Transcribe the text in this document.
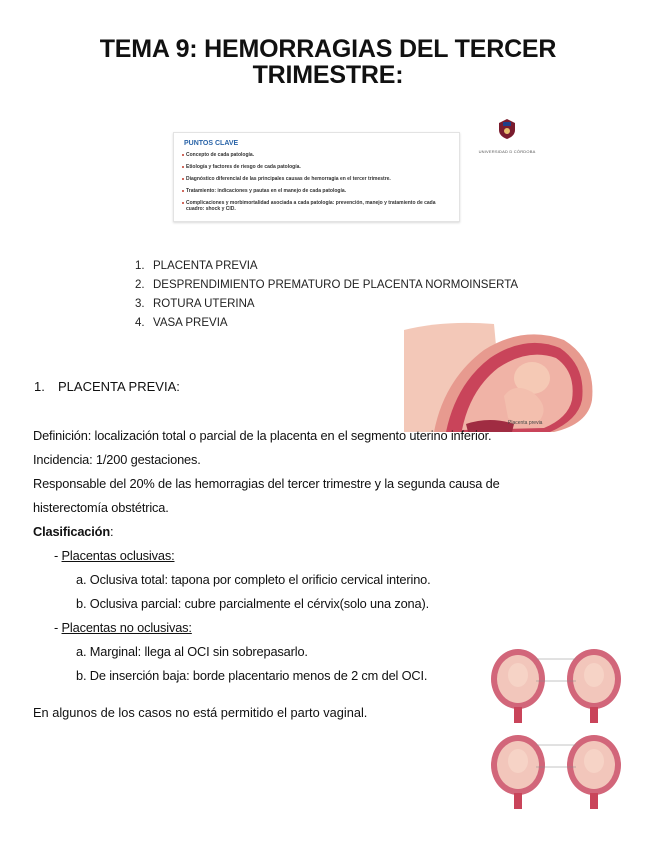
TEMA 9: HEMORRAGIAS DEL TERCER
TRIMESTRE:
PUNTOS CLAVE
Concepto de cada patología.
Etiología y factores de riesgo de cada patología.
Diagnóstico diferencial de las principales causas de hemorragia en el tercer trimestre.
Tratamiento: indicaciones y pautas en el manejo de cada patología.
Complicaciones y morbimortalidad asociada a cada patología: prevención, manejo y tratamiento de cada cuadro: shock y CID.
UNIVERSIDAD D CÓRDOBA
1. PLACENTA PREVIA
2. DESPRENDIMIENTO PREMATURO DE PLACENTA NORMOINSERTA
3. ROTURA UTERINA
4. VASA PREVIA
Placenta previa
1. PLACENTA PREVIA:

Definición: localización total o parcial de la placenta en el segmento uterino inferior.

Incidencia: 1/200 gestaciones.

Responsable del 20% de las hemorragias del tercer trimestre y la segunda causa de

histerectomía obstétrica.

Clasificación:

- Placentas oclusivas:

a. Oclusiva total: tapona por completo el orificio cervical interino.

b. Oclusiva parcial: cubre parcialmente el cérvix(solo una zona).

- Placentas no oclusivas:

a. Marginal: llega al OCI sin sobrepasarlo.

b. De inserción baja: borde placentario menos de 2 cm del OCI.

En algunos de los casos no está permitido el parto vaginal.
